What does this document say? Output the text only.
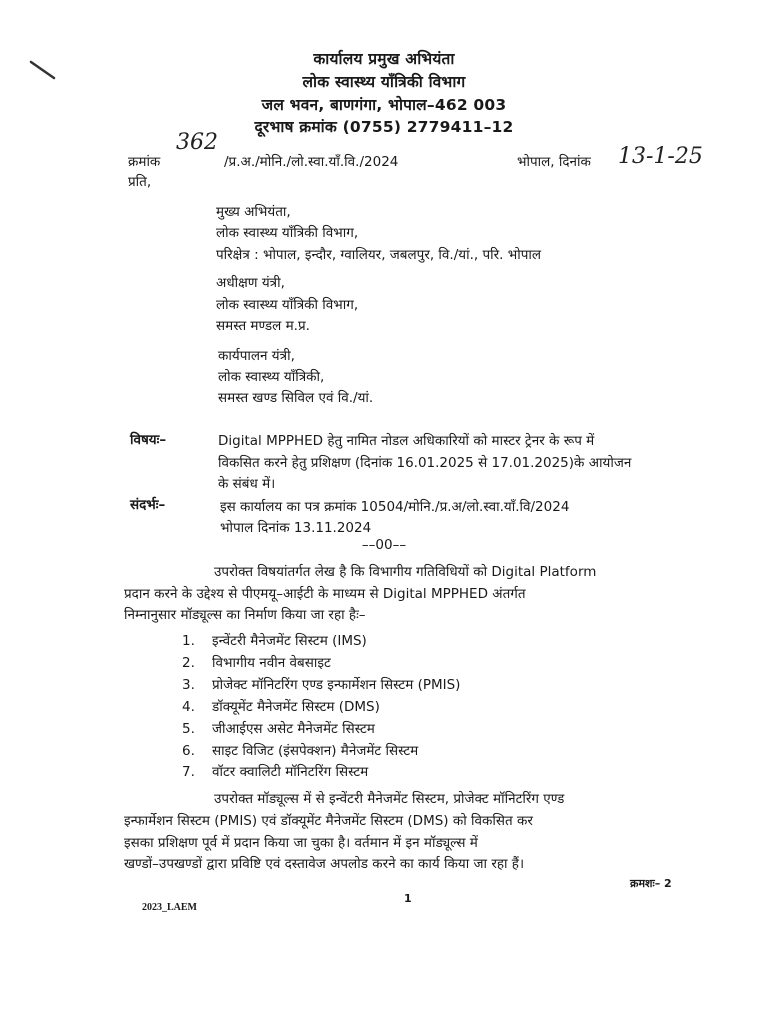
कार्यालय प्रमुख अभियंता
लोक स्वास्थ्य यॉंत्रिकी विभाग
जल भवन, बाणगंगा, भोपाल–462 003
दूरभाष क्रमांक (0755) 2779411–12
क्रमांक
362
/प्र.अ./मोनि./लो.स्वा.यॉं.वि./2024	भोपाल, दिनांक 13-1-25
प्रति,
मुख्य अभियंता,
लोक स्वास्थ्य यॉंत्रिकी विभाग,
परिक्षेत्र : भोपाल, इन्दौर, ग्वालियर, जबलपुर, वि./यां., परि. भोपाल
अधीक्षण यंत्री,
लोक स्वास्थ्य यॉंत्रिकी विभाग,
समस्त मण्डल म.प्र.
कार्यपालन यंत्री,
लोक स्वास्थ्य यॉंत्रिकी,
समस्त खण्ड सिविल एवं वि./यां.
विषयः–	Digital MPPHED हेतु नामित नोडल अधिकारियों को मास्टर ट्रेनर के रूप में
विकसित करने हेतु प्रशिक्षण (दिनांक 16.01.2025 से 17.01.2025)के आयोजन
के संबंध में।
संदर्भः–	इस कार्यालय का पत्र क्रमांक 10504/मोनि./प्र.अ/लो.स्वा.यॉं.वि/2024
भोपाल दिनांक 13.11.2024
––00––
उपरोक्त विषयांतर्गत लेख है कि विभागीय गतिविधियों को Digital Platform
प्रदान करने के उद्देश्य से पीएमयू–आईटी के माध्यम से Digital MPPHED अंतर्गत
निम्नानुसार मॉड्यूल्स का निर्माण किया जा रहा हैः–
1. इन्वेंटरी मैनेजमेंट सिस्टम (IMS)
2. विभागीय नवीन वेबसाइट
3. प्रोजेक्ट मॉनिटरिंग एण्ड इन्फार्मेशन सिस्टम (PMIS)
4. डॉक्यूमेंट मैनेजमेंट सिस्टम (DMS)
5. जीआईएस असेट मैनेजमेंट सिस्टम
6. साइट विजिट (इंसपेक्शन) मैनेजमेंट सिस्टम
7. वॉटर क्वालिटी मॉनिटरिंग सिस्टम
उपरोक्त मॉड्यूल्स में से इन्वेंटरी मैनेजमेंट सिस्टम, प्रोजेक्ट मॉनिटरिंग एण्ड
इन्फार्मेशन सिस्टम (PMIS) एवं डॉक्यूमेंट मैनेजमेंट सिस्टम (DMS) को विकसित कर
इसका प्रशिक्षण पूर्व में प्रदान किया जा चुका है। वर्तमान में इन मॉड्यूल्स में
खण्डों–उपखण्डों द्वारा प्रविष्टि एवं दस्तावेज अपलोड करने का कार्य किया जा रहा हैं।
क्रमशः– 2
1
2023_LAEM
